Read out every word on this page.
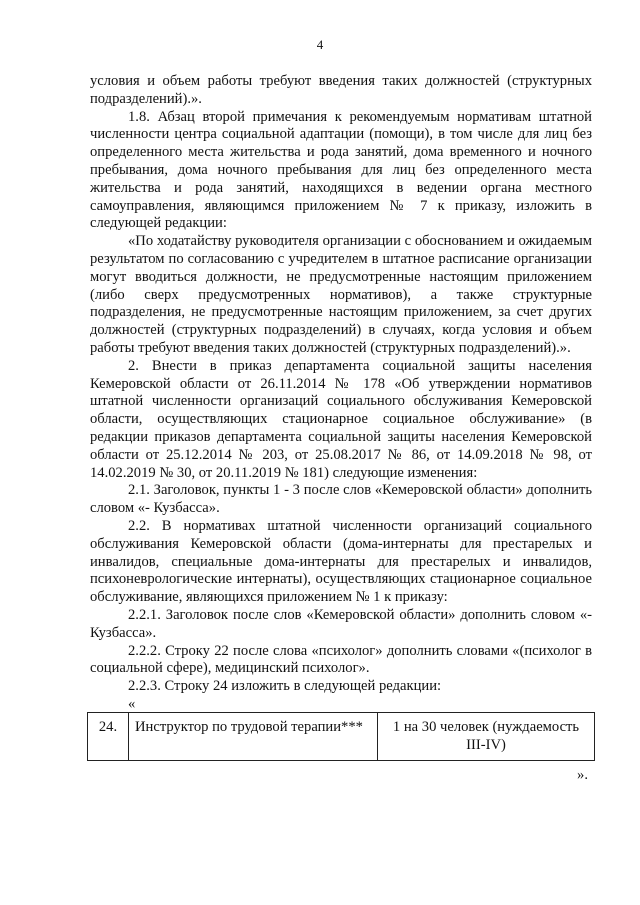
4

условия и объем работы требуют введения таких должностей (структурных подразделений).».

1.8. Абзац второй примечания к рекомендуемым нормативам штатной численности центра социальной адаптации (помощи), в том числе для лиц без определенного места жительства и рода занятий, дома временного и ночного пребывания, дома ночного пребывания для лиц без определенного места жительства и рода занятий, находящихся в ведении органа местного самоуправления, являющимся приложением № 7 к приказу, изложить в следующей редакции:

«По ходатайству руководителя организации с обоснованием и ожидаемым результатом по согласованию с учредителем в штатное расписание организации могут вводиться должности, не предусмотренные настоящим приложением (либо сверх предусмотренных нормативов), а также структурные подразделения, не предусмотренные настоящим приложением, за счет других должностей (структурных подразделений) в случаях, когда условия и объем работы требуют введения таких должностей (структурных подразделений).».

2. Внести в приказ департамента социальной защиты населения Кемеровской области от 26.11.2014 № 178 «Об утверждении нормативов штатной численности организаций социального обслуживания Кемеровской области, осуществляющих стационарное социальное обслуживание» (в редакции приказов департамента социальной защиты населения Кемеровской области от 25.12.2014 № 203, от 25.08.2017 № 86, от 14.09.2018 № 98, от 14.02.2019 № 30, от 20.11.2019 № 181) следующие изменения:

2.1. Заголовок, пункты 1 - 3 после слов «Кемеровской области» дополнить словом «- Кузбасса».

2.2. В нормативах штатной численности организаций социального обслуживания Кемеровской области (дома-интернаты для престарелых и инвалидов, специальные дома-интернаты для престарелых и инвалидов, психоневрологические интернаты), осуществляющих стационарное социальное обслуживание, являющихся приложением № 1 к приказу:

2.2.1. Заголовок после слов «Кемеровской области» дополнить словом «- Кузбасса».

2.2.2. Строку 22 после слова «психолог» дополнить словами «(психолог в социальной сфере), медицинский психолог».

2.2.3. Строку 24 изложить в следующей редакции:

«
24.	Инструктор по трудовой терапии***	1 на 30 человек (нуждаемость III-IV)
».
